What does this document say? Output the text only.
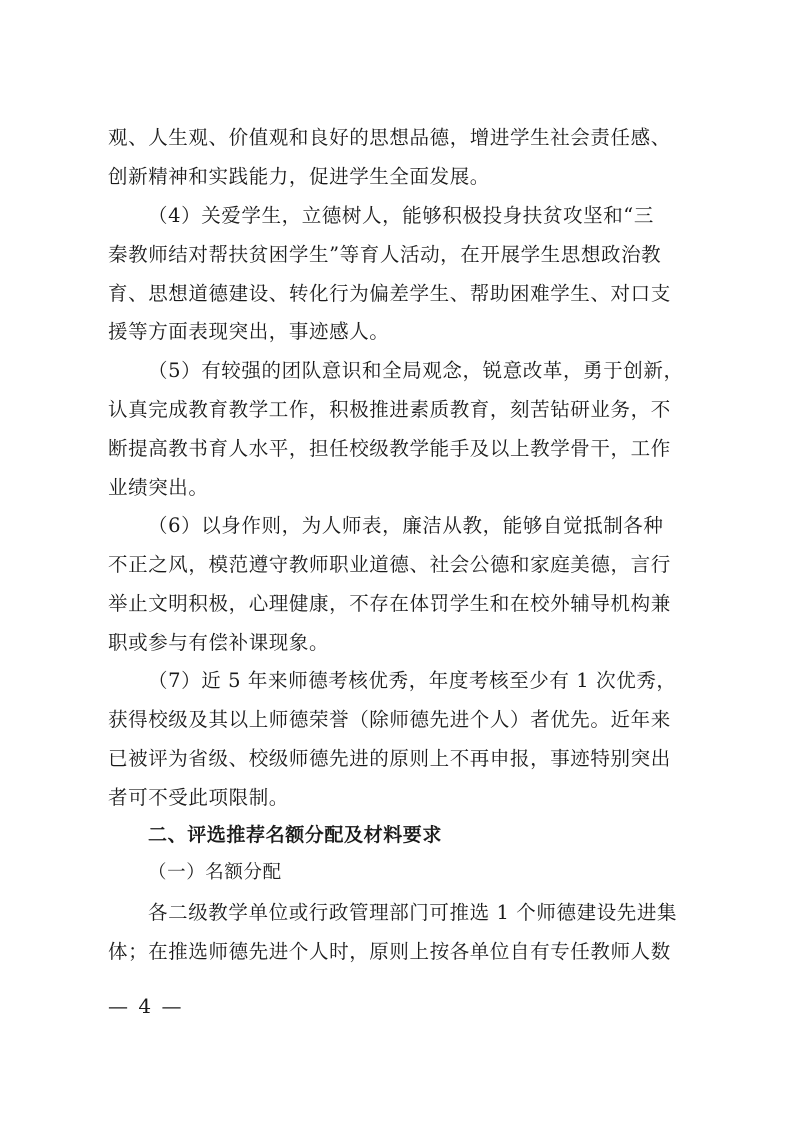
观、人生观、价值观和良好的思想品德，增进学生社会责任感、
创新精神和实践能力，促进学生全面发展。
（4）关爱学生，立德树人，能够积极投身扶贫攻坚和“三
秦教师结对帮扶贫困学生”等育人活动，在开展学生思想政治教
育、思想道德建设、转化行为偏差学生、帮助困难学生、对口支
援等方面表现突出，事迹感人。
（5）有较强的团队意识和全局观念，锐意改革，勇于创新，
认真完成教育教学工作，积极推进素质教育，刻苦钻研业务，不
断提高教书育人水平，担任校级教学能手及以上教学骨干，工作
业绩突出。
（6）以身作则，为人师表，廉洁从教，能够自觉抵制各种
不正之风，模范遵守教师职业道德、社会公德和家庭美德，言行
举止文明积极，心理健康，不存在体罚学生和在校外辅导机构兼
职或参与有偿补课现象。
（7）近 5 年来师德考核优秀，年度考核至少有 1 次优秀，
获得校级及其以上师德荣誉（除师德先进个人）者优先。近年来
已被评为省级、校级师德先进的原则上不再申报，事迹特别突出
者可不受此项限制。
二、评选推荐名额分配及材料要求
（一）名额分配
各二级教学单位或行政管理部门可推选 1 个师德建设先进集
体；在推选师德先进个人时，原则上按各单位自有专任教师人数
— 4 —
